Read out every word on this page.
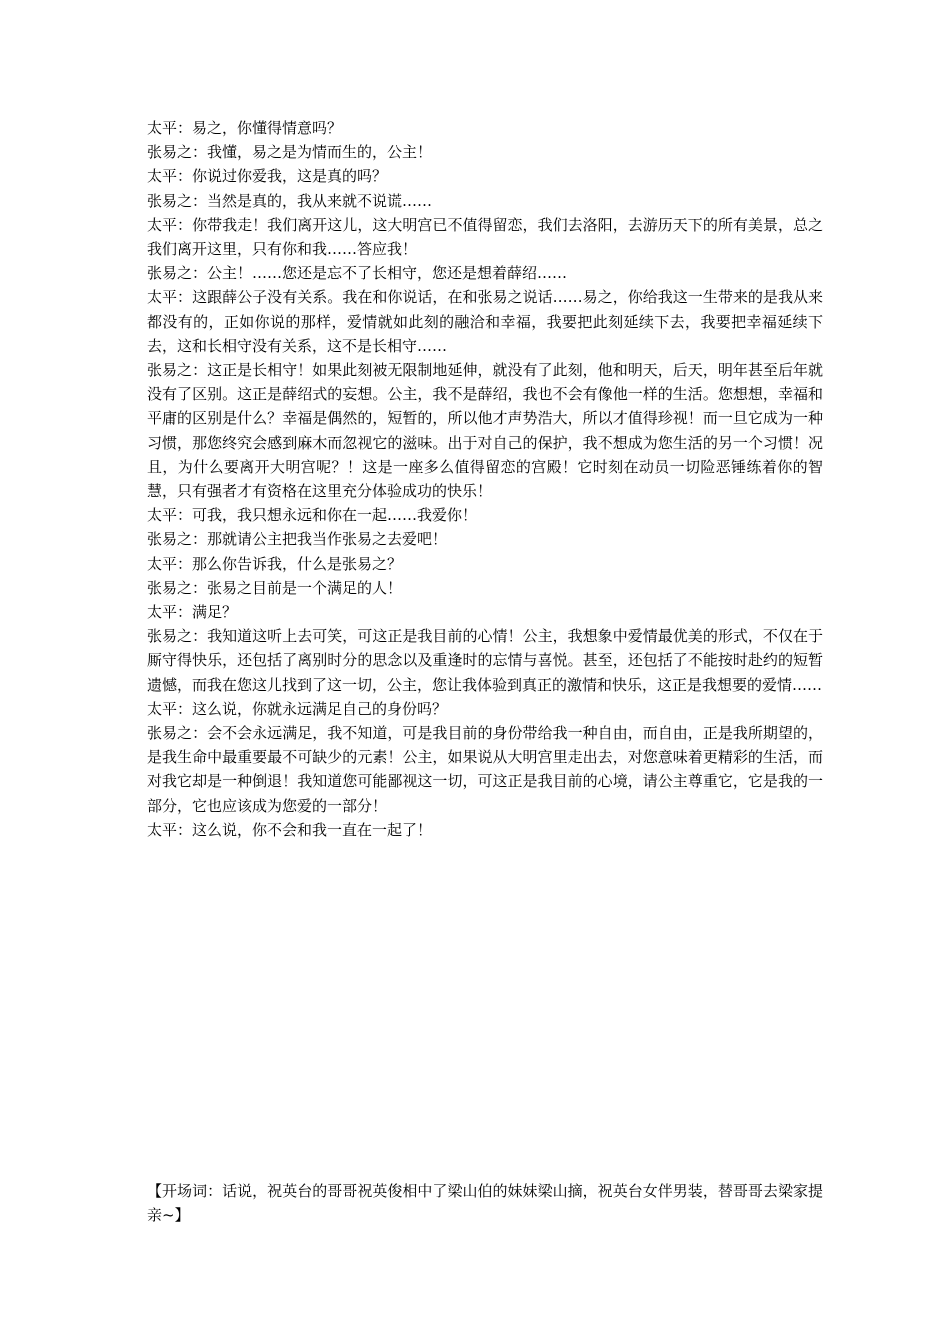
太平：易之，你懂得情意吗？

张易之：我懂，易之是为情而生的，公主！

太平：你说过你爱我，这是真的吗？

张易之：当然是真的，我从来就不说谎……

太平：你带我走！我们离开这儿，这大明宫已不值得留恋，我们去洛阳，去游历天下的所有美景，总之我们离开这里，只有你和我……答应我！

张易之：公主！……您还是忘不了长相守，您还是想着薛绍……

太平：这跟薛公子没有关系。我在和你说话，在和张易之说话……易之，你给我这一生带来的是我从来都没有的，正如你说的那样，爱情就如此刻的融洽和幸福，我要把此刻延续下去，我要把幸福延续下去，这和长相守没有关系，这不是长相守……

张易之：这正是长相守！如果此刻被无限制地延伸，就没有了此刻，他和明天，后天，明年甚至后年就没有了区别。这正是薛绍式的妄想。公主，我不是薛绍，我也不会有像他一样的生活。您想想，幸福和平庸的区别是什么？幸福是偶然的，短暂的，所以他才声势浩大，所以才值得珍视！而一旦它成为一种习惯，那您终究会感到麻木而忽视它的滋味。出于对自己的保护，我不想成为您生活的另一个习惯！况且，为什么要离开大明宫呢？！这是一座多么值得留恋的宫殿！它时刻在动员一切险恶锤练着你的智慧，只有强者才有资格在这里充分体验成功的快乐！

太平：可我，我只想永远和你在一起……我爱你！

张易之：那就请公主把我当作张易之去爱吧！

太平：那么你告诉我，什么是张易之？

张易之：张易之目前是一个满足的人！

太平：满足？

张易之：我知道这听上去可笑，可这正是我目前的心情！公主，我想象中爱情最优美的形式，不仅在于厮守得快乐，还包括了离别时分的思念以及重逢时的忘情与喜悦。甚至，还包括了不能按时赴约的短暂遗憾，而我在您这儿找到了这一切，公主，您让我体验到真正的激情和快乐，这正是我想要的爱情……

太平：这么说，你就永远满足自己的身份吗？

张易之：会不会永远满足，我不知道，可是我目前的身份带给我一种自由，而自由，正是我所期望的，是我生命中最重要最不可缺少的元素！公主，如果说从大明宫里走出去，对您意味着更精彩的生活，而对我它却是一种倒退！我知道您可能鄙视这一切，可这正是我目前的心境，请公主尊重它，它是我的一部分，它也应该成为您爱的一部分！

太平：这么说，你不会和我一直在一起了！

【开场词：话说，祝英台的哥哥祝英俊相中了梁山伯的妹妹梁山摘，祝英台女伴男装，替哥哥去梁家提亲~】
